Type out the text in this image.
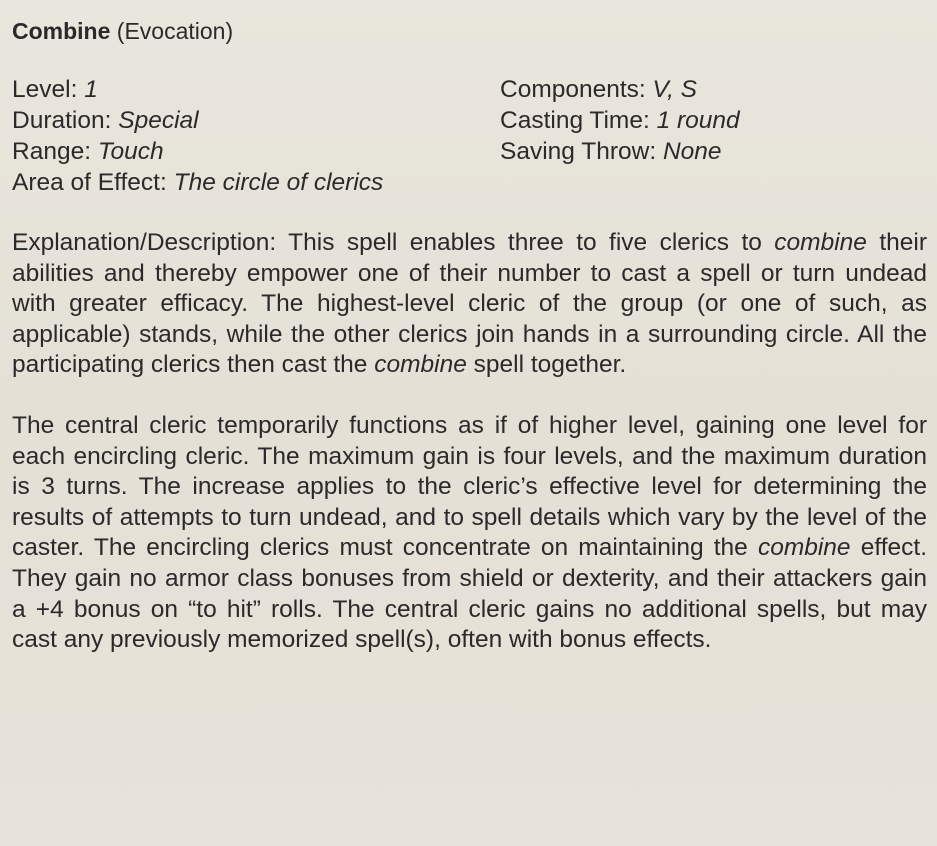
Combine (Evocation)
Level: 1	Components: V, S
Duration: Special	Casting Time: 1 round
Range: Touch	Saving Throw: None
Area of Effect: The circle of clerics

Explanation/Description: This spell enables three to five clerics to combine their abilities and thereby empower one of their number to cast a spell or turn undead with greater efficacy. The highest-level cleric of the group (or one of such, as applicable) stands, while the other clerics join hands in a surrounding circle. All the participating clerics then cast the combine spell together.

The central cleric temporarily functions as if of higher level, gaining one level for each encircling cleric. The maximum gain is four levels, and the maximum duration is 3 turns. The increase applies to the cleric’s effective level for determining the results of attempts to turn undead, and to spell details which vary by the level of the caster. The encircling clerics must concentrate on maintaining the combine effect. They gain no armor class bonuses from shield or dexterity, and their attackers gain a +4 bonus on “to hit” rolls. The central cleric gains no additional spells, but may cast any previously memorized spell(s), often with bonus effects.
